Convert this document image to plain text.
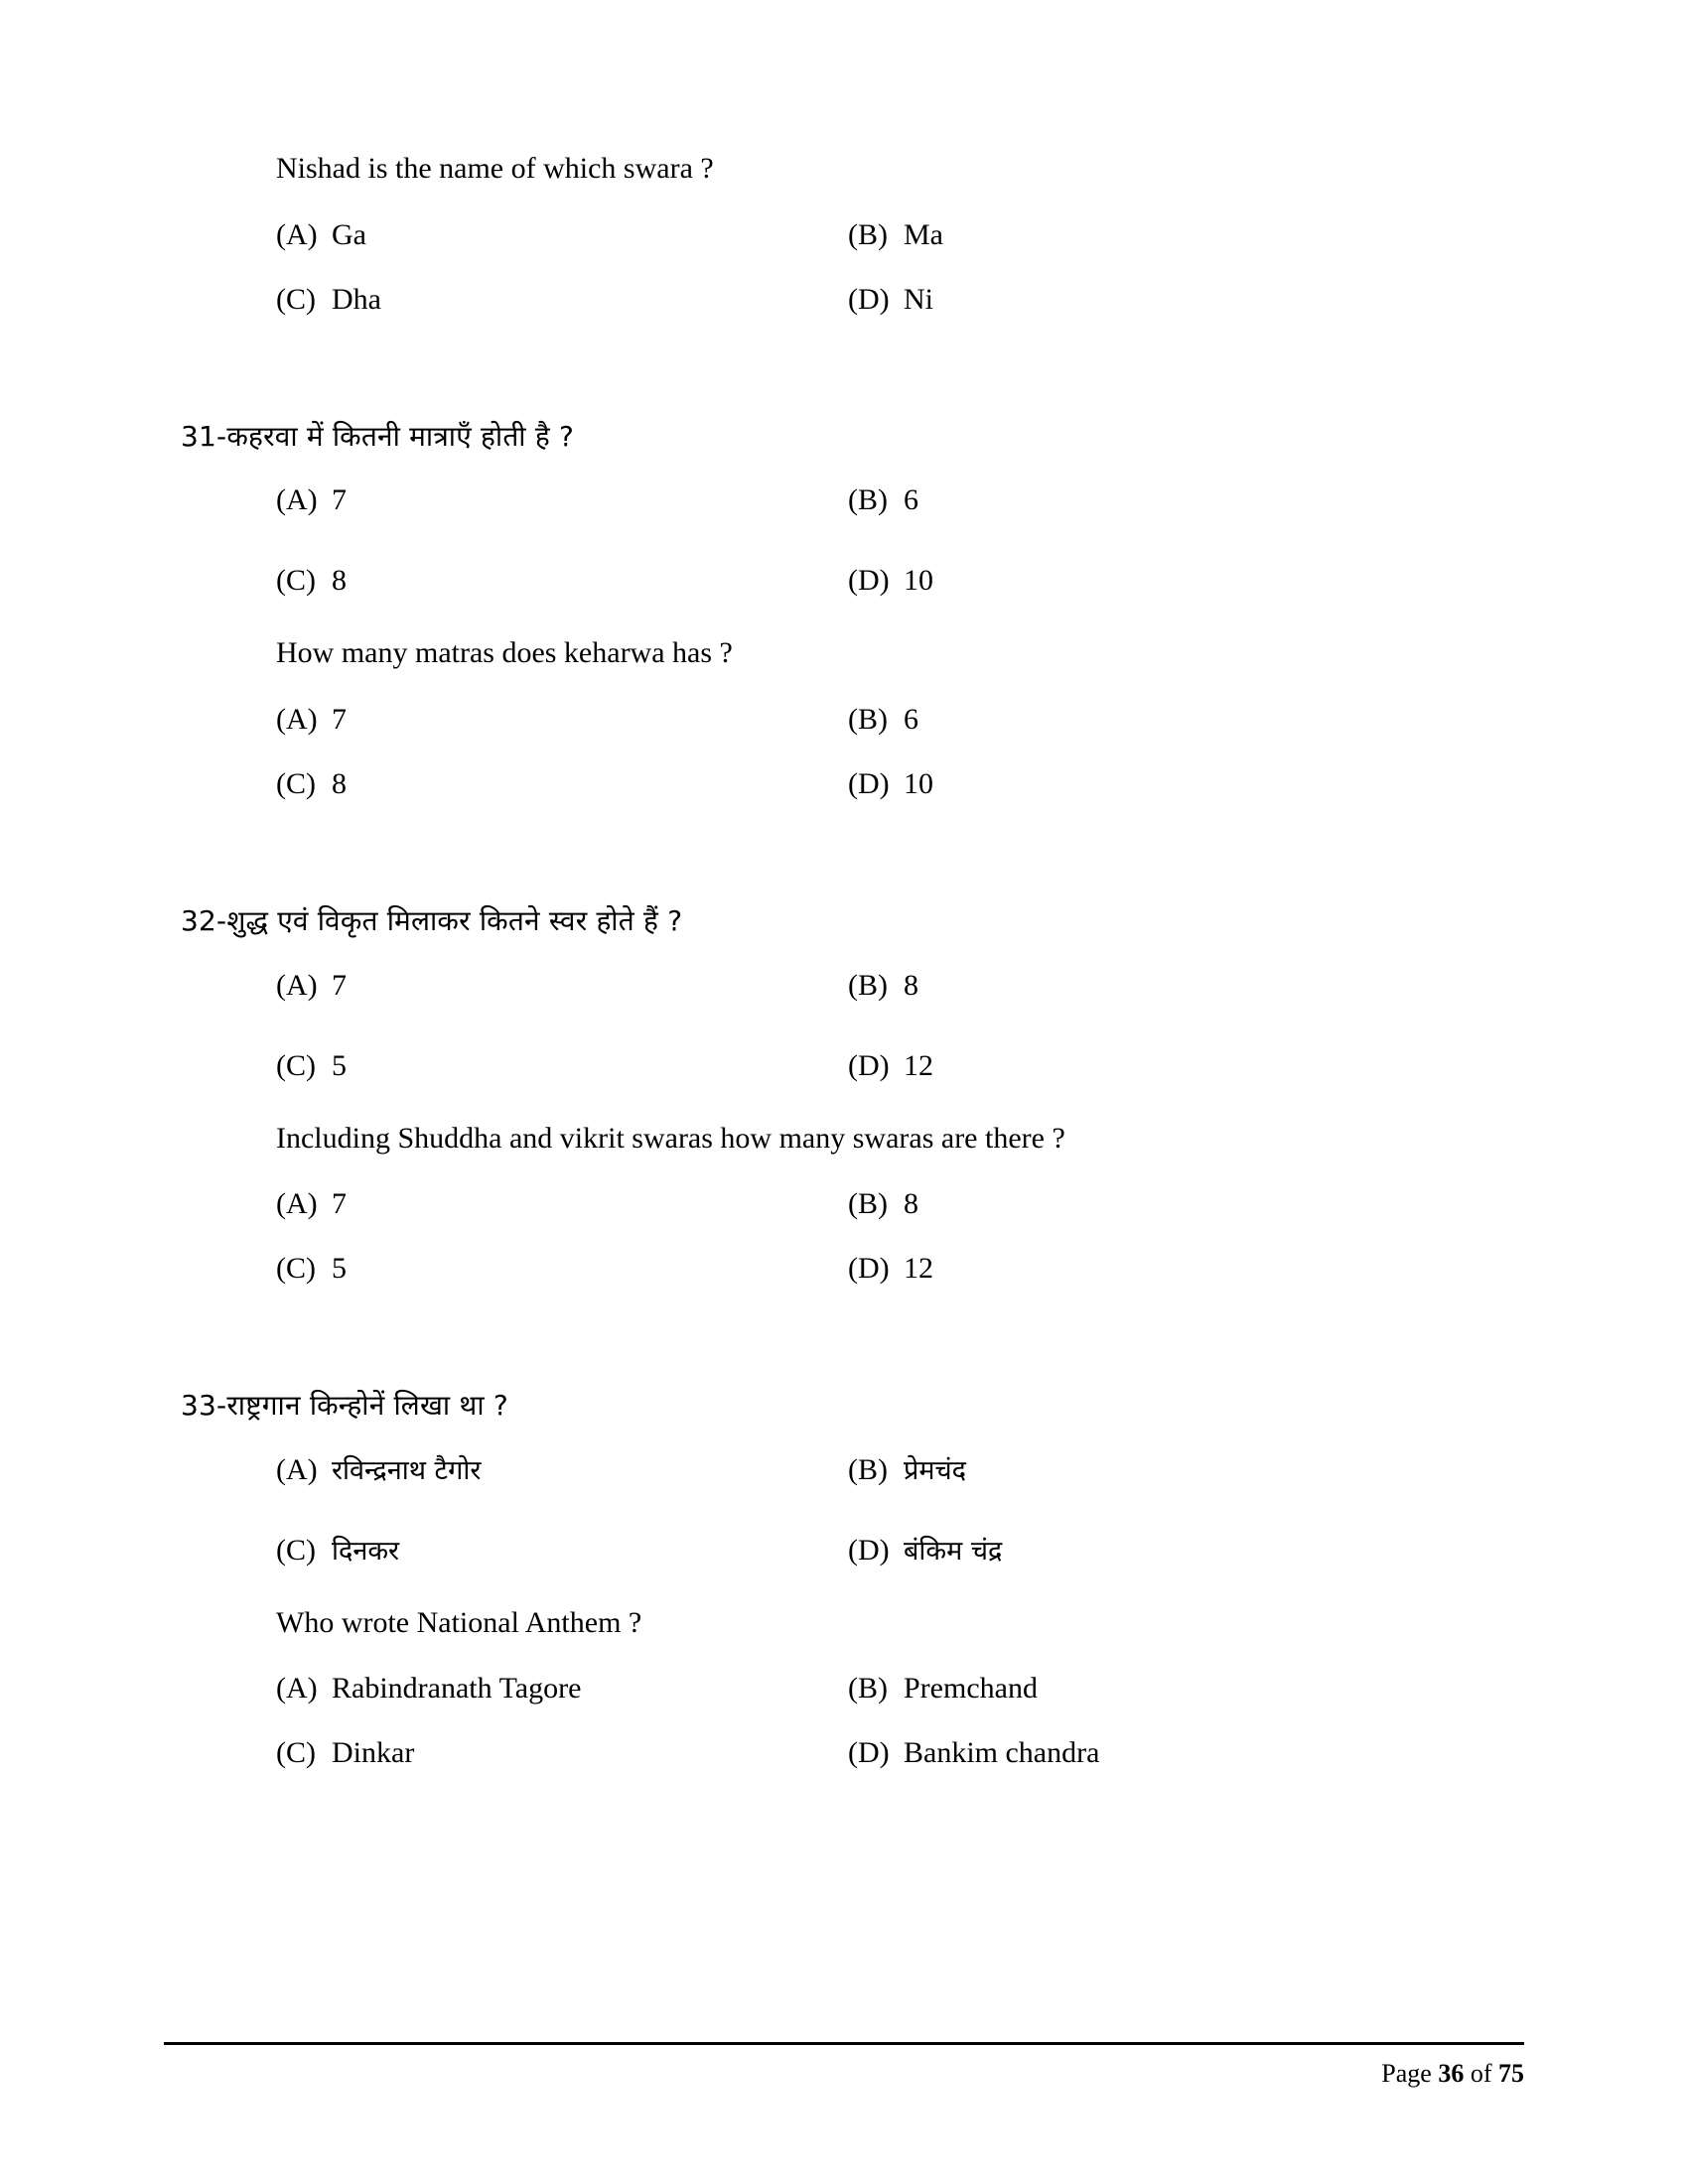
Nishad is the name of which swara ?

(A) Ga	(B) Ma
(C) Dha	(D) Ni

31-कहरवा में कितनी मात्राएँ होती है ?

(A) 7	(B) 6
(C) 8	(D) 10

How many matras does keharwa has ?

(A) 7	(B) 6
(C) 8	(D) 10

32-शुद्ध एवं विकृत मिलाकर कितने स्वर होते हैं ?

(A) 7	(B) 8
(C) 5	(D) 12

Including Shuddha and vikrit swaras how many swaras are there ?

(A) 7	(B) 8
(C) 5	(D) 12

33-राष्ट्रगान किन्होनें लिखा था ?

(A) रविन्द्रनाथ टैगोर	(B) प्रेमचंद
(C) दिनकर	(D) बंकिम चंद्र

Who wrote National Anthem ?

(A) Rabindranath Tagore	(B) Premchand
(C) Dinkar	(D) Bankim chandra
Page 36 of 75
